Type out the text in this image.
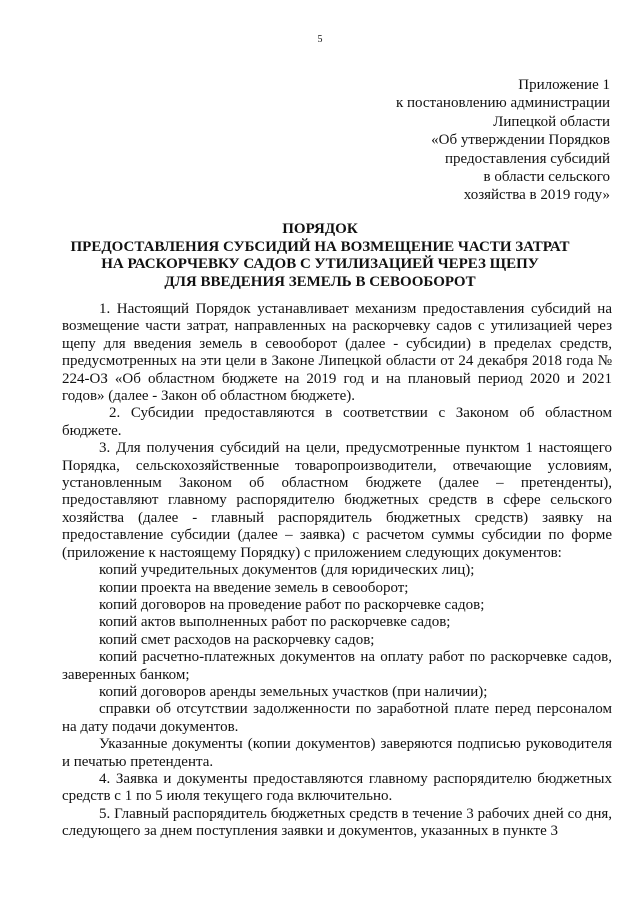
5
Приложение 1
к постановлению администрации
Липецкой области
«Об утверждении Порядков
предоставления субсидий
в области сельского
хозяйства в 2019 году»
ПОРЯДОК
ПРЕДОСТАВЛЕНИЯ СУБСИДИЙ НА ВОЗМЕЩЕНИЕ ЧАСТИ ЗАТРАТ
НА РАСКОРЧЕВКУ САДОВ С УТИЛИЗАЦИЕЙ ЧЕРЕЗ ЩЕПУ
ДЛЯ ВВЕДЕНИЯ ЗЕМЕЛЬ В СЕВООБОРОТ

1. Настоящий Порядок устанавливает механизм предоставления субсидий на возмещение части затрат, направленных на раскорчевку садов с утилизацией через щепу для введения земель в севооборот (далее - субсидии) в пределах средств, предусмотренных на эти цели в Законе Липецкой области от 24 декабря 2018 года № 224-ОЗ «Об областном бюджете на 2019 год и на плановый период 2020 и 2021 годов» (далее - Закон об областном бюджете).

2. Субсидии предоставляются в соответствии с Законом об областном бюджете.

3. Для получения субсидий на цели, предусмотренные пунктом 1 настоящего Порядка, сельскохозяйственные товаропроизводители, отвечающие условиям, установленным Законом об областном бюджете (далее – претенденты), предоставляют главному распорядителю бюджетных средств в сфере сельского хозяйства (далее - главный распорядитель бюджетных средств) заявку на предоставление субсидии (далее – заявка) с расчетом суммы субсидии по форме (приложение к настоящему Порядку) с приложением следующих документов:

копий учредительных документов (для юридических лиц);

копии проекта на введение земель в севооборот;

копий договоров на проведение работ по раскорчевке садов;

копий актов выполненных работ по раскорчевке садов;

копий смет расходов на раскорчевку садов;

копий расчетно-платежных документов на оплату работ по раскорчевке садов, заверенных банком;

копий договоров аренды земельных участков (при наличии);

справки об отсутствии задолженности по заработной плате перед персоналом на дату подачи документов.

Указанные документы (копии документов) заверяются подписью руководителя и печатью претендента.

4. Заявка и документы предоставляются главному распорядителю бюджетных средств с 1 по 5 июля текущего года включительно.

5. Главный распорядитель бюджетных средств в течение 3 рабочих дней со дня, следующего за днем поступления заявки и документов, указанных в пункте 3
